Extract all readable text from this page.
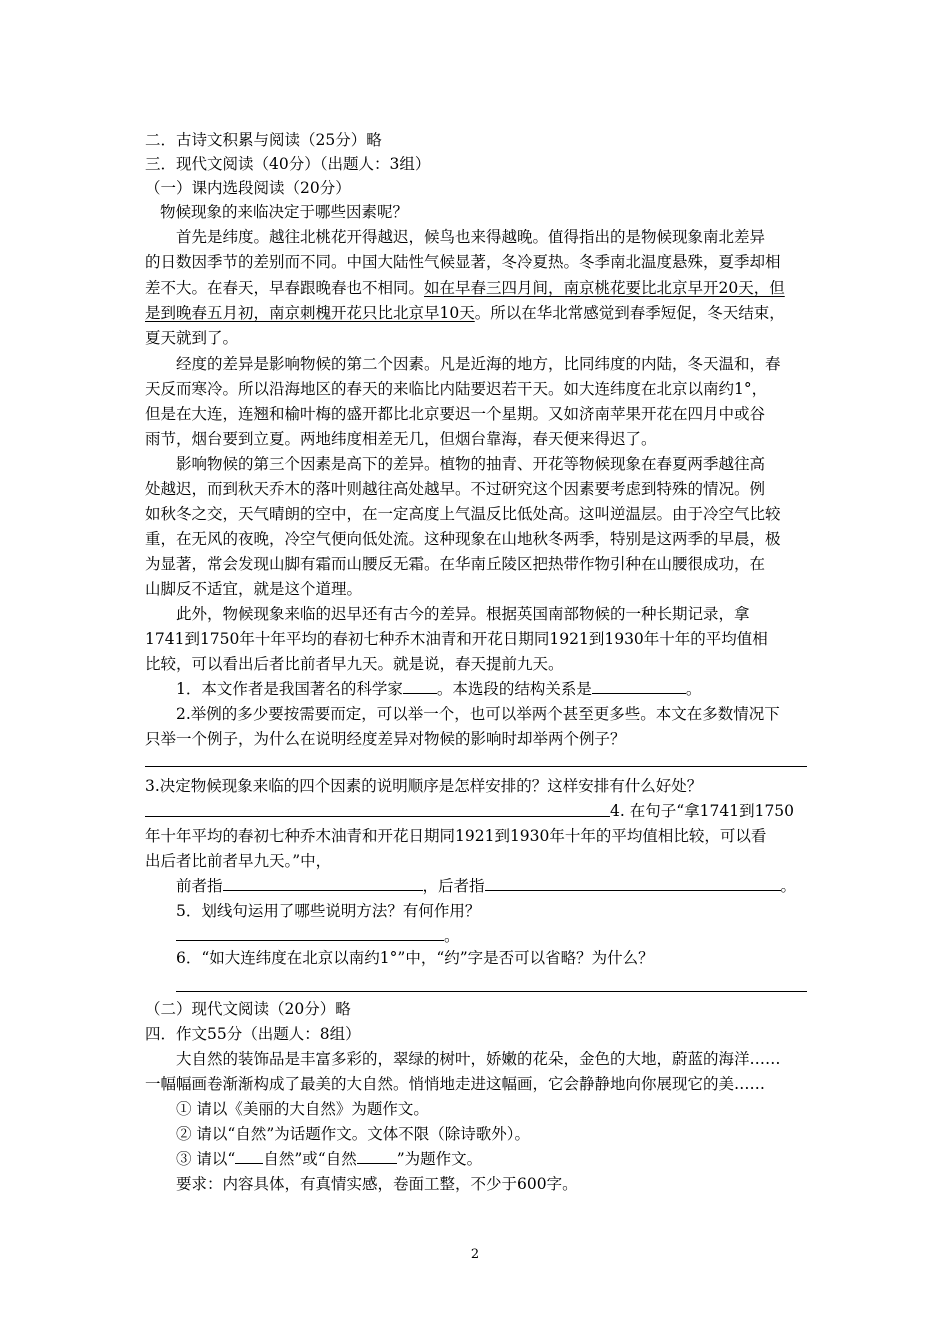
二．古诗文积累与阅读（25分）略
三．现代文阅读（40分）（出题人：3组）
（一）课内选段阅读（20分）
物候现象的来临决定于哪些因素呢？
首先是纬度。越往北桃花开得越迟，候鸟也来得越晚。值得指出的是物候现象南北差异
的日数因季节的差别而不同。中国大陆性气候显著，冬冷夏热。冬季南北温度悬殊，夏季却相
差不大。在春天，早春跟晚春也不相同。如在早春三四月间，南京桃花要比北京早开20天，但
是到晚春五月初，南京刺槐开花只比北京早10天。所以在华北常感觉到春季短促，冬天结束，
夏天就到了。
经度的差异是影响物候的第二个因素。凡是近海的地方，比同纬度的内陆，冬天温和，春
天反而寒冷。所以沿海地区的春天的来临比内陆要迟若干天。如大连纬度在北京以南约1°，
但是在大连，连翘和榆叶梅的盛开都比北京要迟一个星期。又如济南苹果开花在四月中或谷
雨节，烟台要到立夏。两地纬度相差无几，但烟台靠海，春天便来得迟了。
影响物候的第三个因素是高下的差异。植物的抽青、开花等物候现象在春夏两季越往高
处越迟，而到秋天乔木的落叶则越往高处越早。不过研究这个因素要考虑到特殊的情况。例
如秋冬之交，天气晴朗的空中，在一定高度上气温反比低处高。这叫逆温层。由于冷空气比较
重，在无风的夜晚，冷空气便向低处流。这种现象在山地秋冬两季，特别是这两季的早晨，极
为显著，常会发现山脚有霜而山腰反无霜。在华南丘陵区把热带作物引种在山腰很成功，在
山脚反不适宜，就是这个道理。
此外，物候现象来临的迟早还有古今的差异。根据英国南部物候的一种长期记录，拿
1741到1750年十年平均的春初七种乔木油青和开花日期同1921到1930年十年的平均值相
比较，可以看出后者比前者早九天。就是说，春天提前九天。
1．本文作者是我国著名的科学家 。本选段的结构关系是	。
2.举例的多少要按需要而定，可以举一个，也可以举两个甚至更多些。本文在多数情况下
只举一个例子，为什么在说明经度差异对物候的影响时却举两个例子？
3.决定物候现象来临的四个因素的说明顺序是怎样安排的？这样安排有什么好处？
4. 在句子“拿1741到1750
年十年平均的春初七种乔木油青和开花日期同1921到1930年十年的平均值相比较，可以看
出后者比前者早九天。”中，
前者指	，后者指	。
5．划线句运用了哪些说明方法？有何作用？
。
6．“如大连纬度在北京以南约1°”中，“约”字是否可以省略？为什么？
（二）现代文阅读（20分）略
四．作文55分（出题人：8组）
大自然的装饰品是丰富多彩的，翠绿的树叶，娇嫩的花朵，金色的大地，蔚蓝的海洋……
一幅幅画卷渐渐构成了最美的大自然。悄悄地走进这幅画，它会静静地向你展现它的美……
① 请以《美丽的大自然》为题作文。
② 请以“自然”为话题作文。文体不限（除诗歌外）。
③ 请以“ 自然”或“自然	”为题作文。
要求：内容具体，有真情实感，卷面工整，不少于600字。
2
